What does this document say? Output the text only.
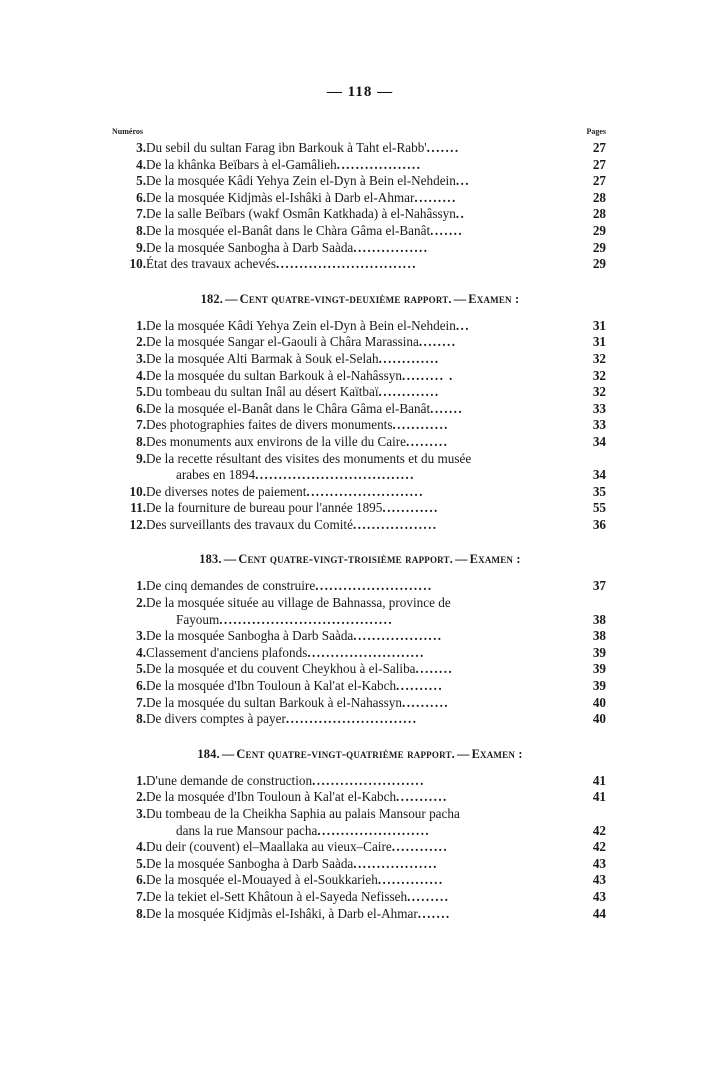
— 118 —
Numéros	Pages
3.	Du sebil du sultan Farag ibn Barkouk à Taht el-Rabb'.......	27
4.	De la khânka Beïbars à el-Gamâlieh..................	27
5.	De la mosquée Kâdi Yehya Zein el-Dyn à Bein el-Nehdein...	27
6.	De la mosquée Kidjmàs el-Ishâki à Darb el-Ahmar.........	28
7.	De la salle Beïbars (wakf Osmân Katkhada) à el-Nahâssyn..	28
8.	De la mosquée el-Banât dans le Chàra Gâma el-Banât.......	29
9.	De la mosquée Sanbogha à Darb Saàda................	29
10.	État des travaux achevés..............................	29
182. — Cent quatre-vingt-deuxième rapport. — Examen :
1.	De la mosquée Kâdi Yehya Zein el-Dyn à Bein el-Nehdein...	31
2.	De la mosquée Sangar el-Gaouli à Châra Marassina........	31
3.	De la mosquée Alti Barmak à Souk el-Selah.............	32
4.	De la mosquée du sultan Barkouk à el-Nahâssyn......... .	32
5.	Du tombeau du sultan Inâl au désert Kaïtbaï.............	32
6.	De la mosquée el-Banât dans le Châra Gâma el-Banât.......	33
7.	Des photographies faites de divers monuments............	33
8.	Des monuments aux environs de la ville du Caire.........	34
9.	De la recette résultant des visites des monuments et du musée	

	arabes en 1894..................................	34
10.	De diverses notes de paiement.........................	35
11.	De la fourniture de bureau pour l'année 1895............	55
12.	Des surveillants des travaux du Comité..................	36
183. — Cent quatre-vingt-troisième rapport. — Examen :
1.	De cinq demandes de construire.........................	37
2.	De la mosquée située au village de Bahnassa, province de	

	Fayoum.....................................	38
3.	De la mosquée Sanbogha à Darb Saàda...................	38
4.	Classement d'anciens plafonds.........................	39
5.	De la mosquée et du couvent Cheykhou à el-Saliba........	39
6.	De la mosquée d'Ibn Touloun à Kal'at el-Kabch..........	39
7.	De la mosquée du sultan Barkouk à el-Nahassyn..........	40
8.	De divers comptes à payer............................	40
184. — Cent quatre-vingt-quatrième rapport. — Examen :
1.	D'une demande de construction........................	41
2.	De la mosquée d'Ibn Touloun à Kal'at el-Kabch...........	41
3.	Du tombeau de la Cheikha Saphia au palais Mansour pacha	

	dans la rue Mansour pacha........................	42
4.	Du deir (couvent) el–Maallaka au vieux–Caire............	42
5.	De la mosquée Sanbogha à Darb Saàda..................	43
6.	De la mosquée el-Mouayed à el-Soukkarieh..............	43
7.	De la tekiet el-Sett Khâtoun à el-Sayeda Nefisseh.........	43
8.	De la mosquée Kidjmàs el-Ishâki, à Darb el-Ahmar.......	44
